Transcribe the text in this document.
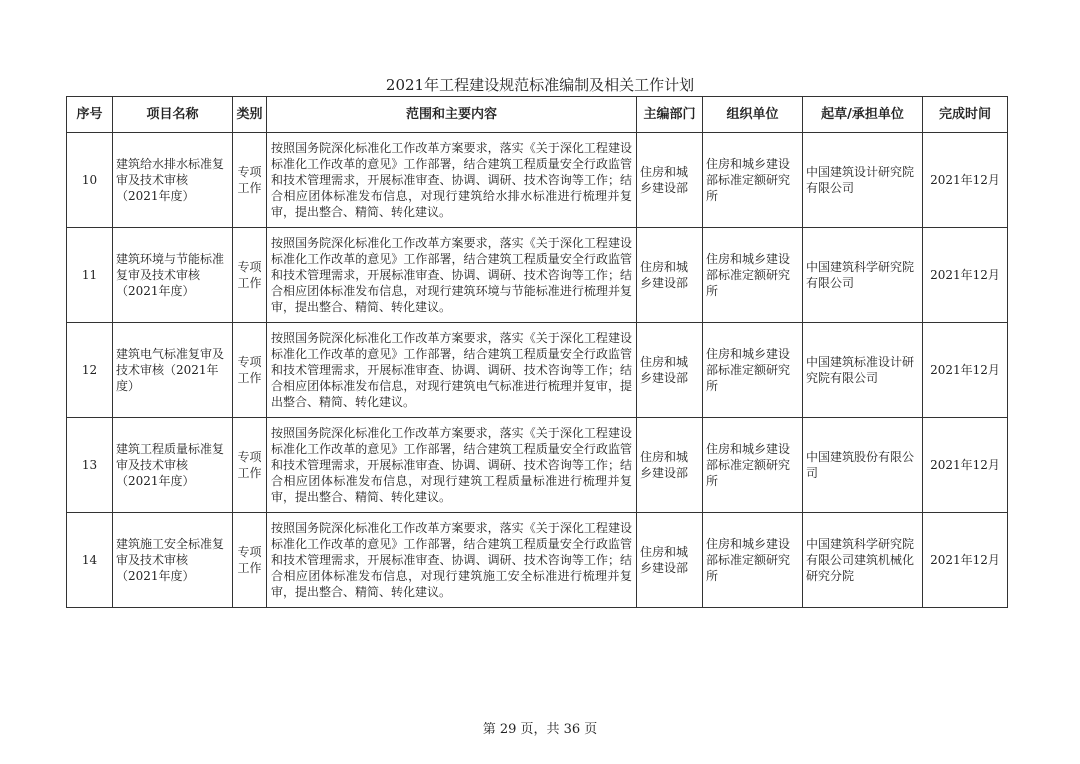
2021年工程建设规范标准编制及相关工作计划
序号	项目名称	类别	范围和主要内容	主编部门	组织单位	起草/承担单位	完成时间
10	建筑给水排水标准复审及技术审核（2021年度）	专项工作	按照国务院深化标准化工作改革方案要求，落实《关于深化工程建设标准化工作改革的意见》工作部署，结合建筑工程质量安全行政监管和技术管理需求，开展标准审查、协调、调研、技术咨询等工作；结合相应团体标准发布信息，对现行建筑给水排水标准进行梳理并复审，提出整合、精简、转化建议。	住房和城乡建设部	住房和城乡建设部标准定额研究所	中国建筑设计研究院有限公司	2021年12月
11	建筑环境与节能标准复审及技术审核（2021年度）	专项工作	按照国务院深化标准化工作改革方案要求，落实《关于深化工程建设标准化工作改革的意见》工作部署，结合建筑工程质量安全行政监管和技术管理需求，开展标准审查、协调、调研、技术咨询等工作；结合相应团体标准发布信息，对现行建筑环境与节能标准进行梳理并复审，提出整合、精简、转化建议。	住房和城乡建设部	住房和城乡建设部标准定额研究所	中国建筑科学研究院有限公司	2021年12月
12	建筑电气标准复审及技术审核（2021年度）	专项工作	按照国务院深化标准化工作改革方案要求，落实《关于深化工程建设标准化工作改革的意见》工作部署，结合建筑工程质量安全行政监管和技术管理需求，开展标准审查、协调、调研、技术咨询等工作；结合相应团体标准发布信息，对现行建筑电气标准进行梳理并复审，提出整合、精简、转化建议。	住房和城乡建设部	住房和城乡建设部标准定额研究所	中国建筑标准设计研究院有限公司	2021年12月
13	建筑工程质量标准复审及技术审核（2021年度）	专项工作	按照国务院深化标准化工作改革方案要求，落实《关于深化工程建设标准化工作改革的意见》工作部署，结合建筑工程质量安全行政监管和技术管理需求，开展标准审查、协调、调研、技术咨询等工作；结合相应团体标准发布信息，对现行建筑工程质量标准进行梳理并复审，提出整合、精简、转化建议。	住房和城乡建设部	住房和城乡建设部标准定额研究所	中国建筑股份有限公司	2021年12月
14	建筑施工安全标准复审及技术审核（2021年度）	专项工作	按照国务院深化标准化工作改革方案要求，落实《关于深化工程建设标准化工作改革的意见》工作部署，结合建筑工程质量安全行政监管和技术管理需求，开展标准审查、协调、调研、技术咨询等工作；结合相应团体标准发布信息，对现行建筑施工安全标准进行梳理并复审，提出整合、精简、转化建议。	住房和城乡建设部	住房和城乡建设部标准定额研究所	中国建筑科学研究院有限公司建筑机械化研究分院	2021年12月
第 29 页，共 36 页
